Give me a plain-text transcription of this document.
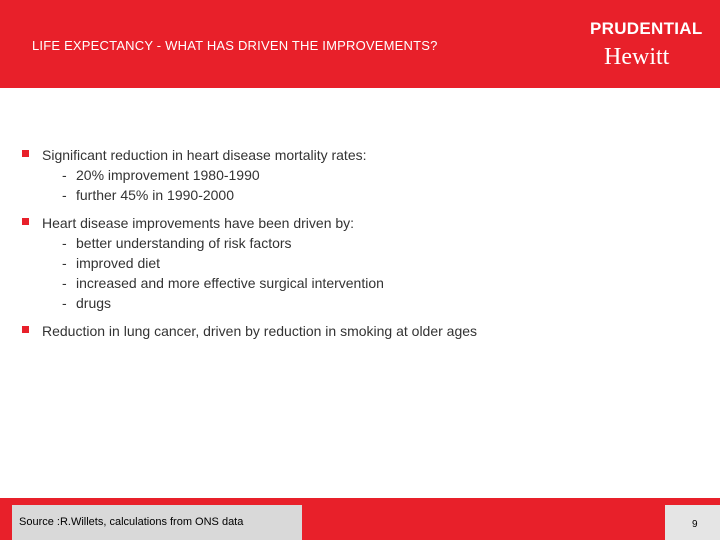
LIFE EXPECTANCY - WHAT HAS DRIVEN THE IMPROVEMENTS?
PRUDENTIAL
Hewitt
Significant reduction in heart disease mortality rates:
- 20% improvement 1980-1990
- further 45% in 1990-2000
Heart disease improvements have been driven by:
- better understanding of risk factors
- improved diet
- increased and more effective surgical intervention
- drugs
Reduction in lung cancer, driven by reduction in smoking at older ages
Source :R.Willets, calculations from ONS data	9
